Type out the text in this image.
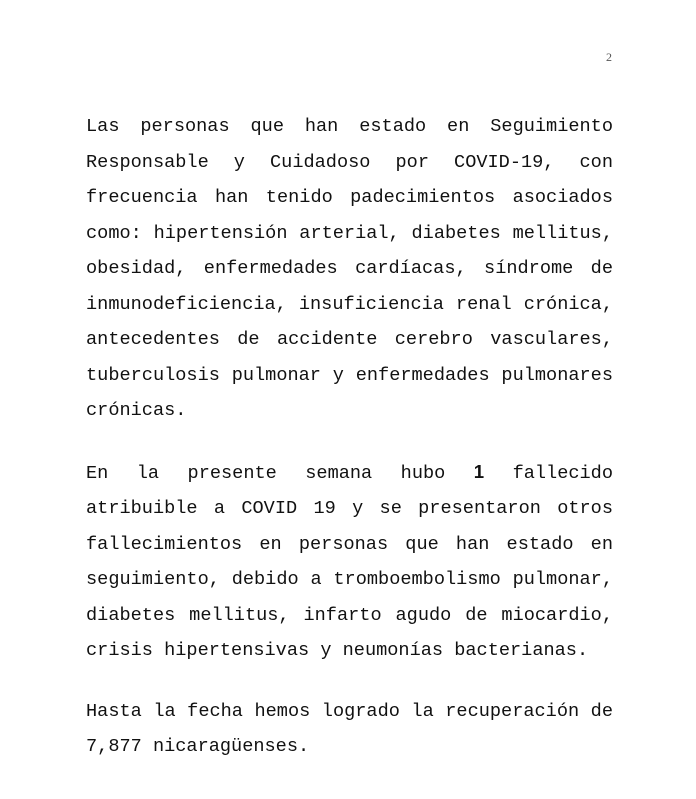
2

Las personas que han estado en Seguimiento Responsable y Cuidadoso por COVID-19, con frecuencia han tenido padecimientos asociados como: hipertensión arterial, diabetes mellitus, obesidad, enfermedades cardíacas, síndrome de inmunodeficiencia, insuficiencia renal crónica, antecedentes de accidente cerebro vasculares, tuberculosis pulmonar y enfermedades pulmonares crónicas.

En la presente semana hubo 1 fallecido atribuible a COVID 19 y se presentaron otros fallecimientos en personas que han estado en seguimiento, debido a tromboembolismo pulmonar, diabetes mellitus, infarto agudo de miocardio, crisis hipertensivas y neumonías bacterianas.

Hasta la fecha hemos logrado la recuperación de 7,877 nicaragüenses.
